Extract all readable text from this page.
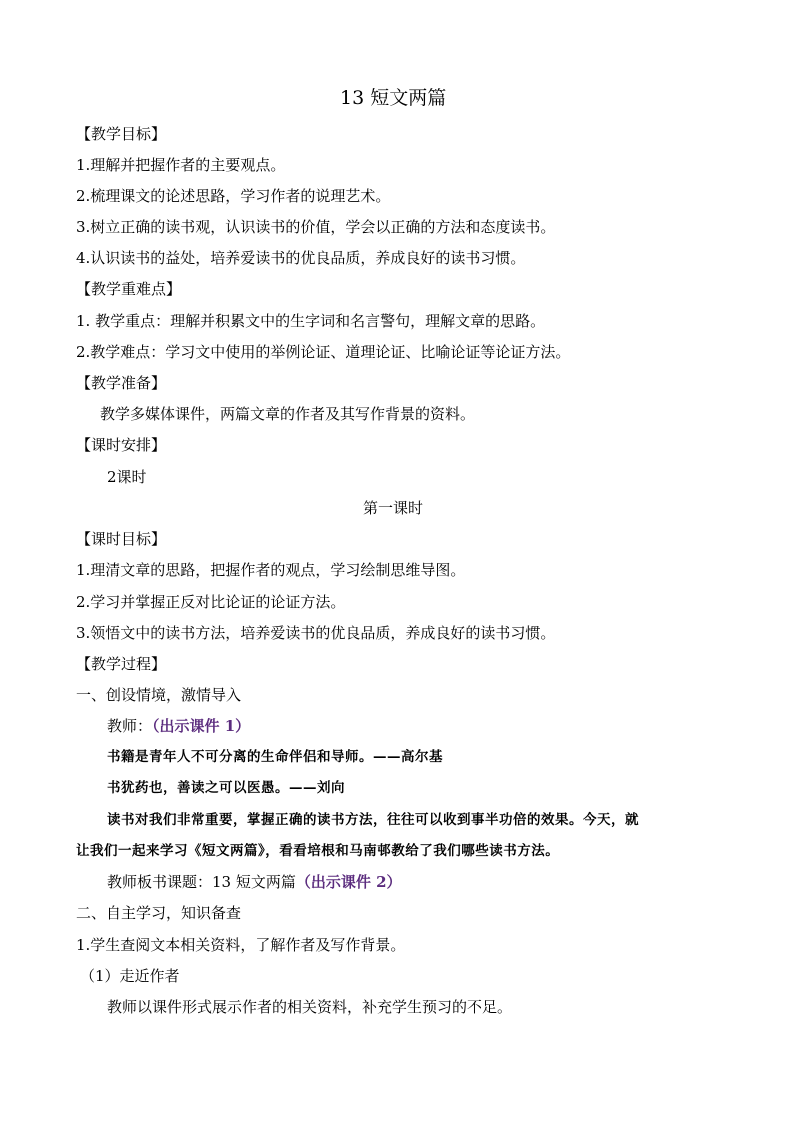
13 短文两篇
【教学目标】
1.理解并把握作者的主要观点。
2.梳理课文的论述思路，学习作者的说理艺术。
3.树立正确的读书观，认识读书的价值，学会以正确的方法和态度读书。
4.认识读书的益处，培养爱读书的优良品质，养成良好的读书习惯。
【教学重难点】
1. 教学重点：理解并积累文中的生字词和名言警句，理解文章的思路。
2.教学难点：学习文中使用的举例论证、道理论证、比喻论证等论证方法。
【教学准备】
教学多媒体课件，两篇文章的作者及其写作背景的资料。
【课时安排】
2课时
第一课时
【课时目标】
1.理清文章的思路，把握作者的观点，学习绘制思维导图。
2.学习并掌握正反对比论证的论证方法。
3.领悟文中的读书方法，培养爱读书的优良品质，养成良好的读书习惯。
【教学过程】
一、创设情境，激情导入
教师：（出示课件 1）
书籍是青年人不可分离的生命伴侣和导师。——高尔基
书犹药也，善读之可以医愚。——刘向
读书对我们非常重要，掌握正确的读书方法，往往可以收到事半功倍的效果。今天，就
让我们一起来学习《短文两篇》，看看培根和马南邨教给了我们哪些读书方法。
教师板书课题：13 短文两篇（出示课件 2）
二、自主学习，知识备查
1.学生查阅文本相关资料，了解作者及写作背景。
（1）走近作者
教师以课件形式展示作者的相关资料，补充学生预习的不足。
